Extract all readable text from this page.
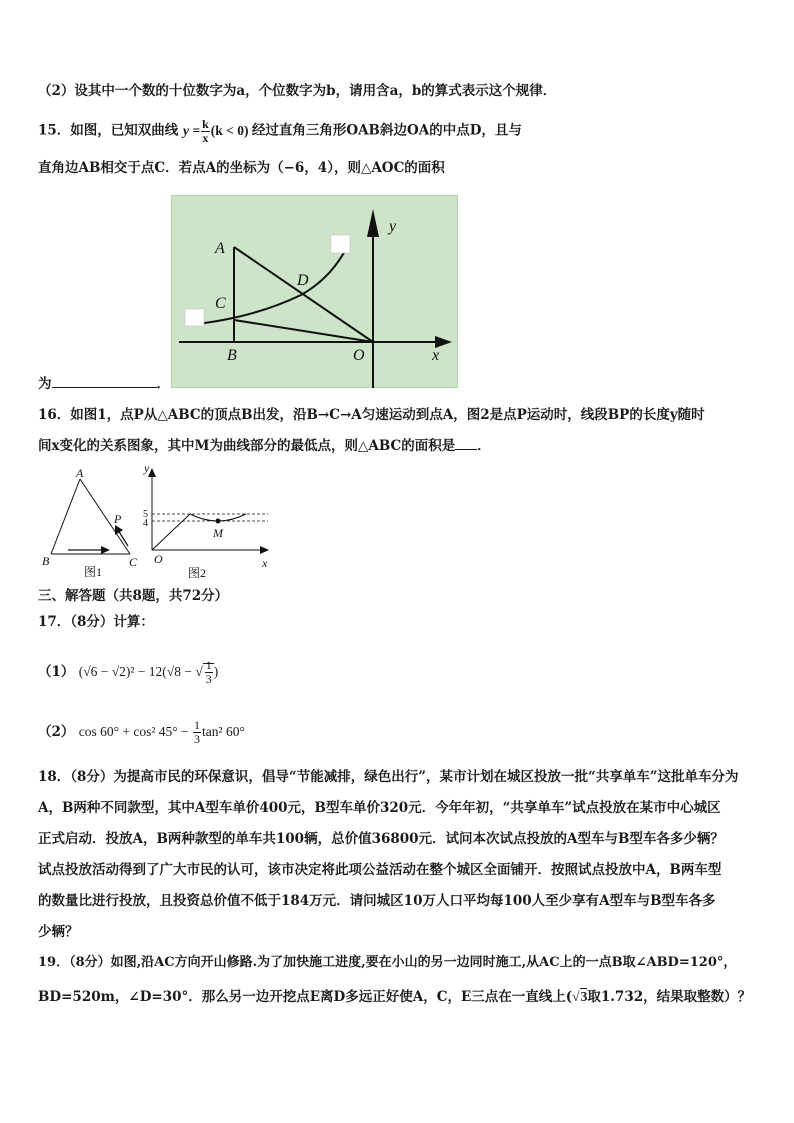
（2）设其中一个数的十位数字为a，个位数字为b，请用含a，b的算式表示这个规律．
15．如图，已知双曲线 $y = \frac{k}{x} (k < 0)$ 经过直角三角形OAB斜边OA的中点D，且与
直角边AB相交于点C．若点A的坐标为（−6，4），则△AOC的面积
A
C
D
B	O	x
y
为	．
16．如图1，点P从△ABC的顶点B出发，沿B→C→A匀速运动到点A，图2是点P运动时，线段BP的长度y随时
间x变化的关系图象，其中M为曲线部分的最低点，则△ABC的面积是 ．
A
P
B	C
图1
y
5
4
M
O	x
图2
三、解答题（共8题，共72分）
17．（8分）计算：
（1） (√6 − √2)² − 12(√8 − √ $\frac{1}{3}$ )
（2） cos 60° + cos² $45^\circ - \frac{1}{3} \tan^2$ 60°
18．（8分）为提高市民的环保意识，倡导“节能减排，绿色出行”，某市计划在城区投放一批“共享单车”这批单车分为
A，B两种不同款型，其中A型车单价400元，B型车单价320元．今年年初，“共享单车”试点投放在某市中心城区
正式启动．投放A，B两种款型的单车共100辆，总价值36800元．试问本次试点投放的A型车与B型车各多少辆？
试点投放活动得到了广大市民的认可，该市决定将此项公益活动在整个城区全面铺开．按照试点投放中A，B两车型
的数量比进行投放，且投资总价值不低于184万元．请问城区10万人口平均每100人至少享有A型车与B型车各多
少辆？
19．（8分）如图,沿AC方向开山修路.为了加快施工进度,要在小山的另一边同时施工,从AC上的一点B取∠ABD=120°，
BD=520m，∠D=30°．那么另一边开挖点E离D多远正好使A，C，E三点在一直线上(√3取1.732，结果取整数）？
